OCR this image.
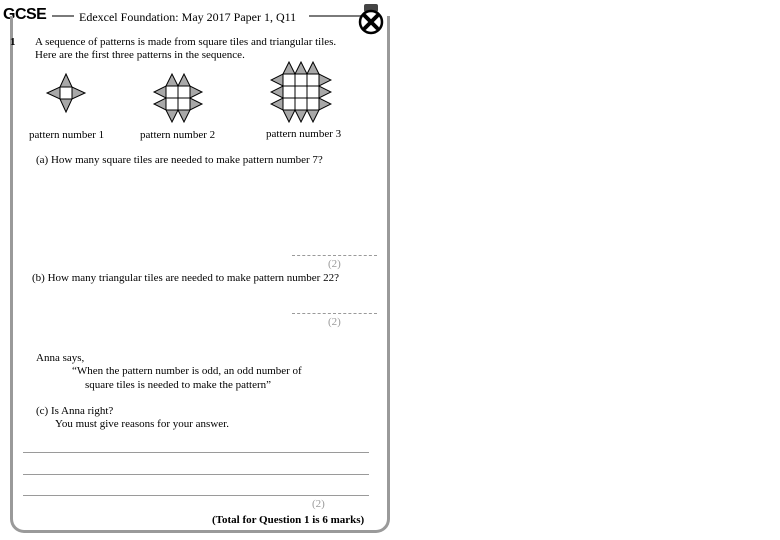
GCSE	Edexcel Foundation: May 2017 Paper 1, Q11
1 A sequence of patterns is made from square tiles and triangular tiles.
Here are the first three patterns in the sequence.
pattern number 1	pattern number 2	pattern number 3
(a) How many square tiles are needed to make pattern number 7?
(2)
(b) How many triangular tiles are needed to make pattern number 22?
(2)
Anna says,
“When the pattern number is odd, an odd number of
square tiles is needed to make the pattern”
(c) Is Anna right?
You must give reasons for your answer.
(2)
(Total for Question 1 is 6 marks)
